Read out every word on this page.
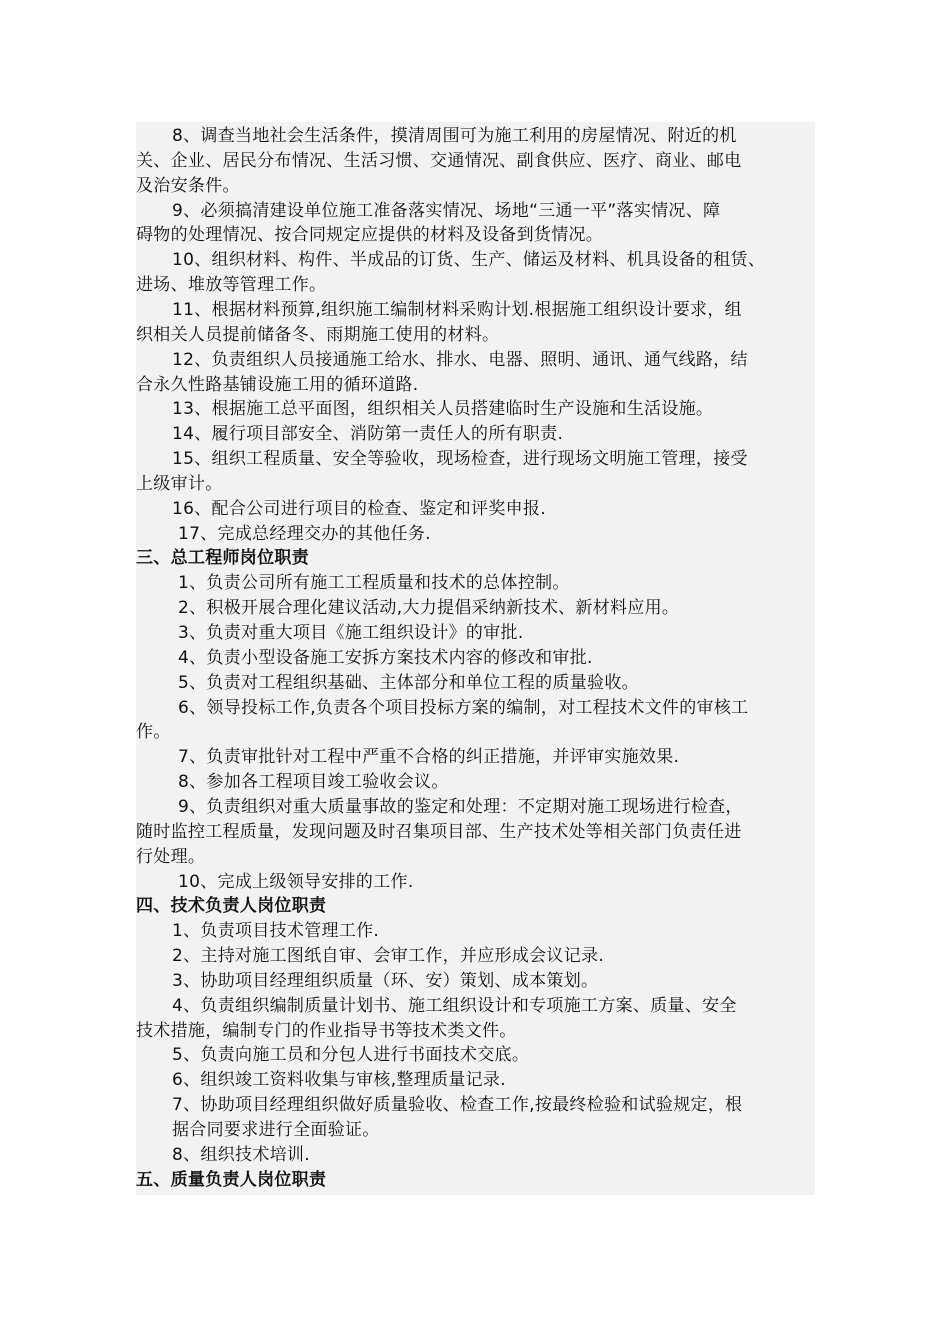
8、调查当地社会生活条件，摸清周围可为施工利用的房屋情况、附近的机
关、企业、居民分布情况、生活习惯、交通情况、副食供应、医疗、商业、邮电
及治安条件。
9、必须搞清建设单位施工准备落实情况、场地“三通一平”落实情况、障
碍物的处理情况、按合同规定应提供的材料及设备到货情况。
10、组织材料、构件、半成品的订货、生产、储运及材料、机具设备的租赁、
进场、堆放等管理工作。
11、根据材料预算,组织施工编制材料采购计划.根据施工组织设计要求，组
织相关人员提前储备冬、雨期施工使用的材料。
12、负责组织人员接通施工给水、排水、电器、照明、通讯、通气线路，结
合永久性路基铺设施工用的循环道路.
13、根据施工总平面图，组织相关人员搭建临时生产设施和生活设施。
14、履行项目部安全、消防第一责任人的所有职责.
15、组织工程质量、安全等验收，现场检查，进行现场文明施工管理，接受
上级审计。
16、配合公司进行项目的检查、鉴定和评奖申报.
17、完成总经理交办的其他任务.
三、总工程师岗位职责
1、负责公司所有施工工程质量和技术的总体控制。
2、积极开展合理化建议活动,大力提倡采纳新技术、新材料应用。
3、负责对重大项目《施工组织设计》的审批.
4、负责小型设备施工安拆方案技术内容的修改和审批.
5、负责对工程组织基础、主体部分和单位工程的质量验收。
6、领导投标工作,负责各个项目投标方案的编制，对工程技术文件的审核工
作。
7、负责审批针对工程中严重不合格的纠正措施，并评审实施效果.
8、参加各工程项目竣工验收会议。
9、负责组织对重大质量事故的鉴定和处理：不定期对施工现场进行检查，
随时监控工程质量，发现问题及时召集项目部、生产技术处等相关部门负责任进
行处理。
10、完成上级领导安排的工作.
四、技术负责人岗位职责
1、负责项目技术管理工作.
2、主持对施工图纸自审、会审工作，并应形成会议记录.
3、协助项目经理组织质量（环、安）策划、成本策划。
4、负责组织编制质量计划书、施工组织设计和专项施工方案、质量、安全
技术措施，编制专门的作业指导书等技术类文件。
5、负责向施工员和分包人进行书面技术交底。
6、组织竣工资料收集与审核,整理质量记录.
7、协助项目经理组织做好质量验收、检查工作,按最终检验和试验规定，根
据合同要求进行全面验证。
8、组织技术培训.
五、质量负责人岗位职责
